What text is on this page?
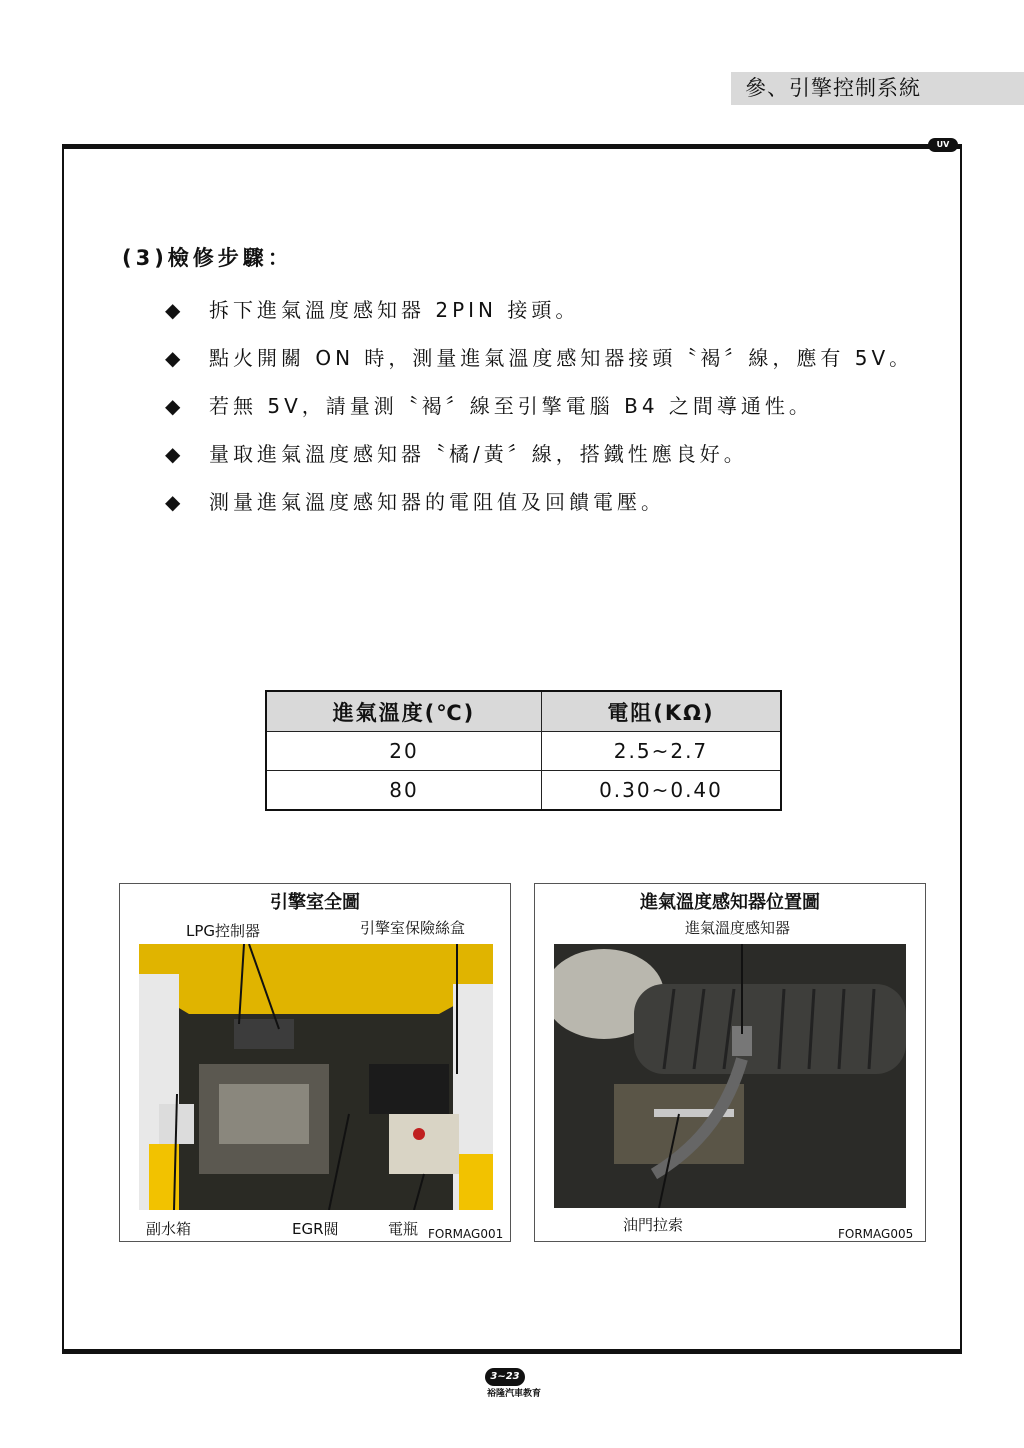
參、引擎控制系統
UV
(3)檢修步驟：
◆ 拆下進氣溫度感知器 2PIN 接頭。
◆ 點火開關 ON 時，測量進氣溫度感知器接頭〝褐〞線，應有 5V。
◆ 若無 5V，請量測〝褐〞線至引擎電腦 B4 之間導通性。
◆ 量取進氣溫度感知器〝橘/黃〞線，搭鐵性應良好。
◆ 測量進氣溫度感知器的電阻值及回饋電壓。
進氣溫度(℃)	電阻(KΩ)
20	2.5~2.7
80	0.30~0.40
引擎室全圖
LPG控制器	引擎室保險絲盒
副水箱	EGR閥	電瓶 FORMAG001
進氣溫度感知器位置圖
進氣溫度感知器
油門拉索	FORMAG005
3~23
裕隆汽車教育
